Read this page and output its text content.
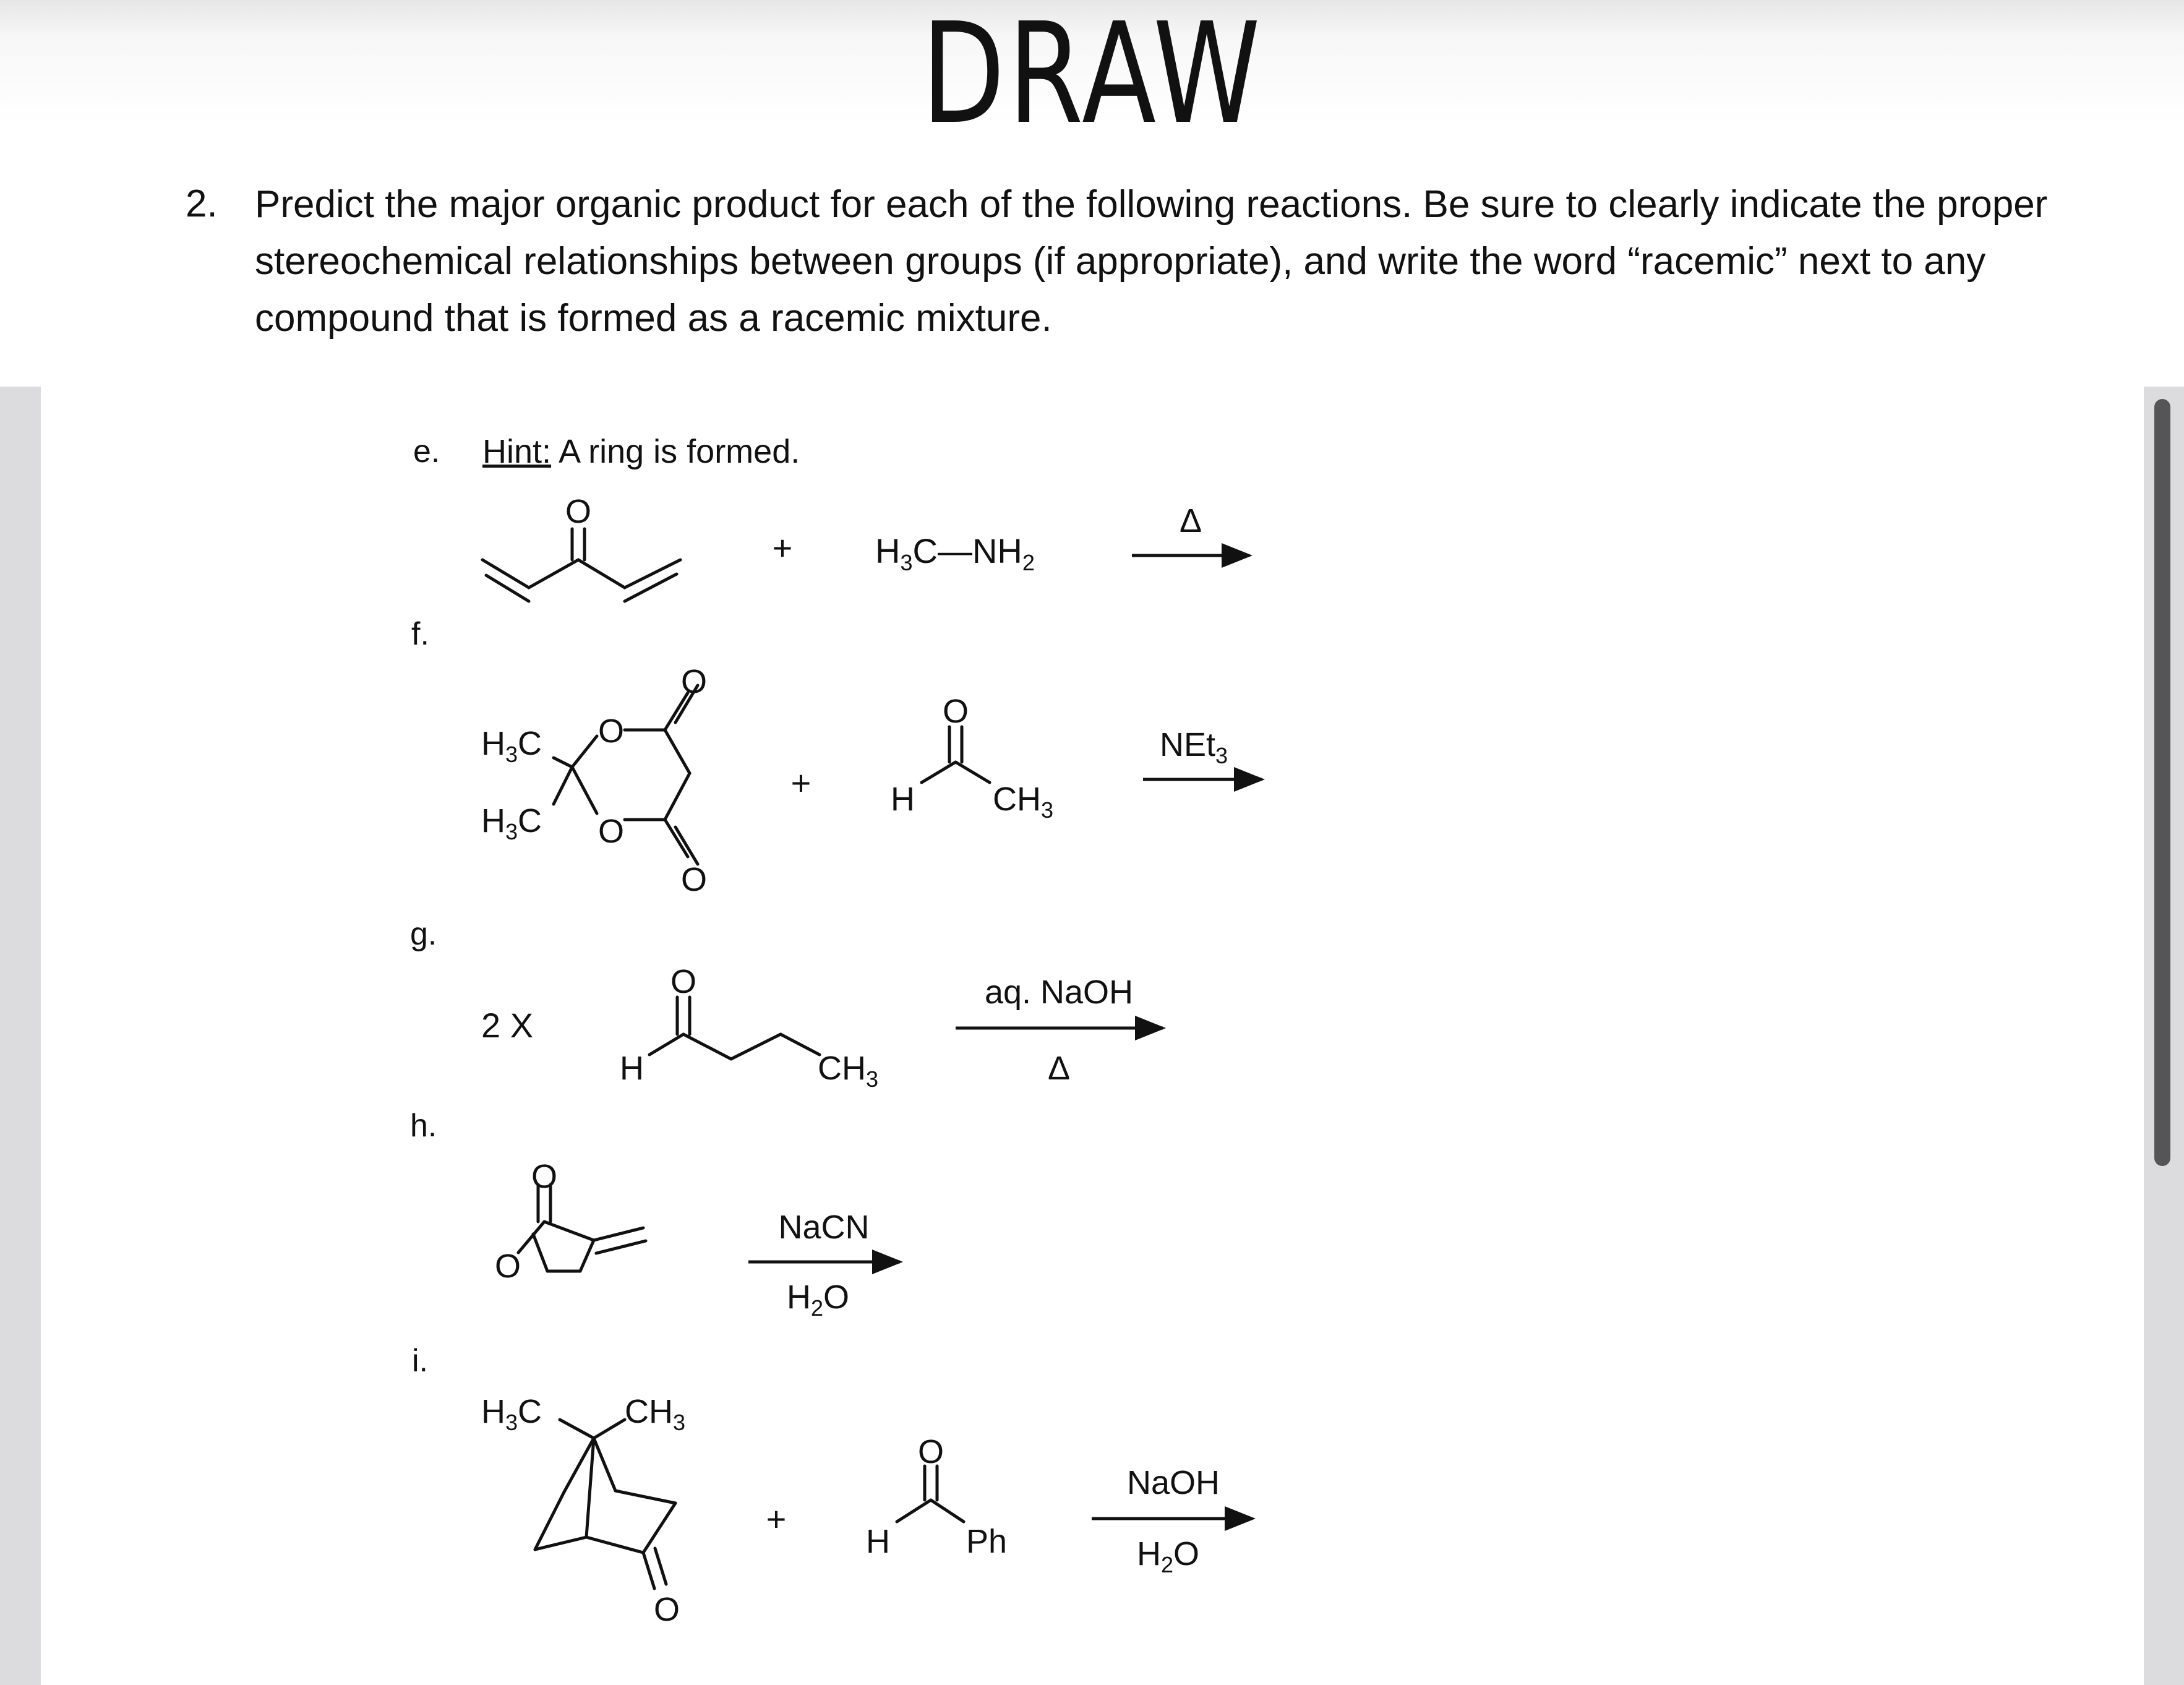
DRAW
2. Predict the major organic product for each of the following reactions. Be sure to clearly indicate the proper stereochemical relationships between groups (if appropriate), and write the word “racemic” next to any compound that is formed as a racemic mixture.
e.
f.
g.
h.
i.
Hint: A ring is formed.
O
+ $H_3C—NH_2$
Δ
O
O
O
O
$H_3C$
$H_3C$
+
O
H $CH_3$
NEt$_3$
2 X
O
H	$CH_3$
aq. NaOH
Δ
O
O
NaCN
$H_2O$
$H_3C$ $CH_3$
O
+
O
H Ph
NaOH
$H_2O$
